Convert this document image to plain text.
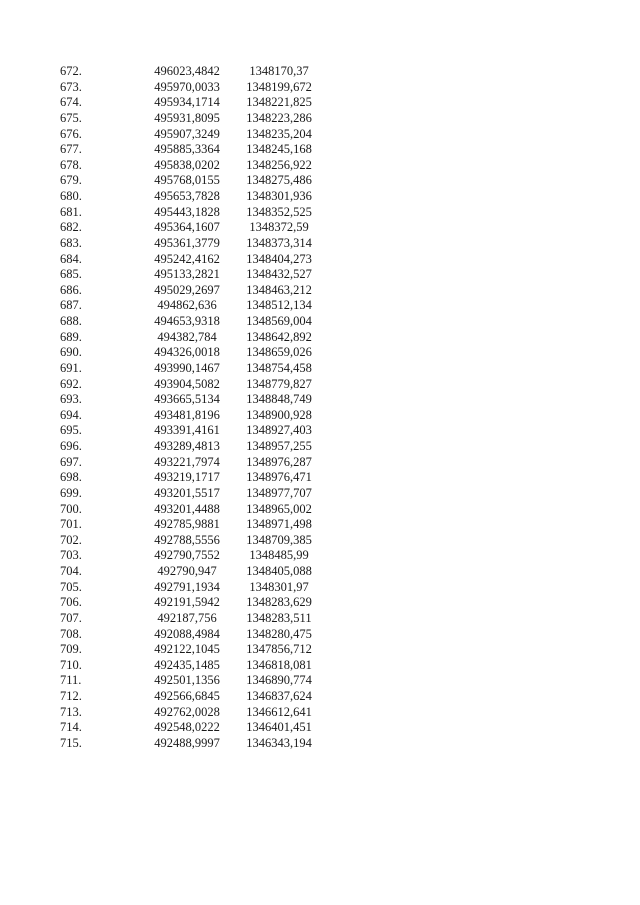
672.	496023,4842	1348170,37
673.	495970,0033	1348199,672
674.	495934,1714	1348221,825
675.	495931,8095	1348223,286
676.	495907,3249	1348235,204
677.	495885,3364	1348245,168
678.	495838,0202	1348256,922
679.	495768,0155	1348275,486
680.	495653,7828	1348301,936
681.	495443,1828	1348352,525
682.	495364,1607	1348372,59
683.	495361,3779	1348373,314
684.	495242,4162	1348404,273
685.	495133,2821	1348432,527
686.	495029,2697	1348463,212
687.	494862,636	1348512,134
688.	494653,9318	1348569,004
689.	494382,784	1348642,892
690.	494326,0018	1348659,026
691.	493990,1467	1348754,458
692.	493904,5082	1348779,827
693.	493665,5134	1348848,749
694.	493481,8196	1348900,928
695.	493391,4161	1348927,403
696.	493289,4813	1348957,255
697.	493221,7974	1348976,287
698.	493219,1717	1348976,471
699.	493201,5517	1348977,707
700.	493201,4488	1348965,002
701.	492785,9881	1348971,498
702.	492788,5556	1348709,385
703.	492790,7552	1348485,99
704.	492790,947	1348405,088
705.	492791,1934	1348301,97
706.	492191,5942	1348283,629
707.	492187,756	1348283,511
708.	492088,4984	1348280,475
709.	492122,1045	1347856,712
710.	492435,1485	1346818,081
711.	492501,1356	1346890,774
712.	492566,6845	1346837,624
713.	492762,0028	1346612,641
714.	492548,0222	1346401,451
715.	492488,9997	1346343,194
